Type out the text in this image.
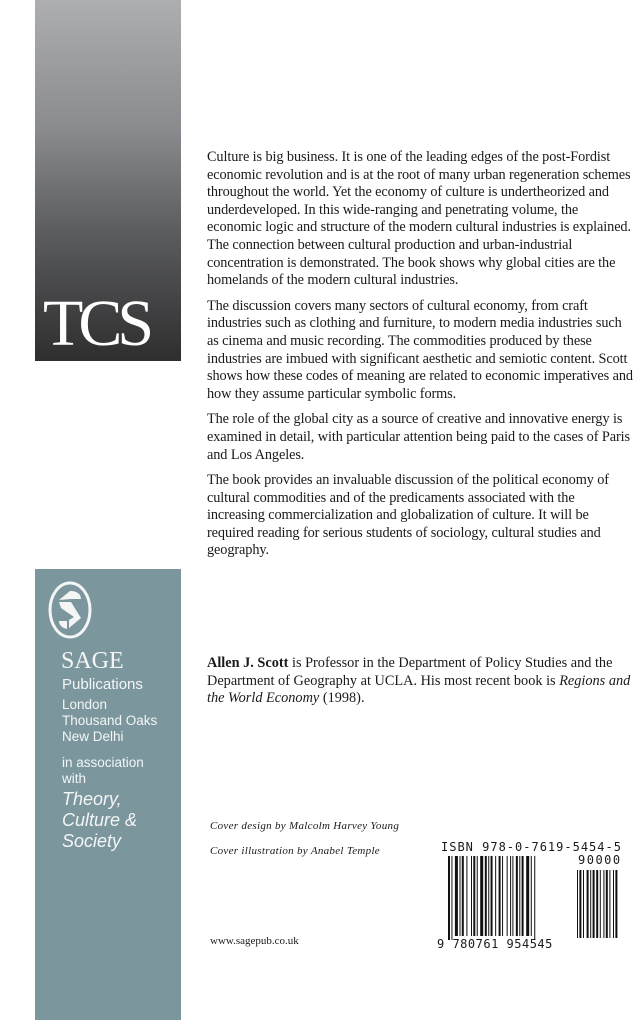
TCS
SAGE
Publications
London
Thousand Oaks
New Delhi
in association
with
Theory,
Culture &
Society

Culture is big business. It is one of the leading edges of the post-Fordist economic revolution and is at the root of many urban regeneration schemes throughout the world. Yet the economy of culture is undertheorized and underdeveloped. In this wide-ranging and penetrating volume, the economic logic and structure of the modern cultural industries is explained. The connection between cultural production and urban-industrial concentration is demonstrated. The book shows why global cities are the homelands of the modern cultural industries.

The discussion covers many sectors of cultural economy, from craft industries such as clothing and furniture, to modern media industries such as cinema and music recording. The commodities produced by these industries are imbued with significant aesthetic and semiotic content. Scott shows how these codes of meaning are related to economic imperatives and how they assume particular symbolic forms.

The role of the global city as a source of creative and innovative energy is examined in detail, with particular attention being paid to the cases of Paris and Los Angeles.

The book provides an invaluable discussion of the political economy of cultural commodities and of the predicaments associated with the increasing commercialization and globalization of culture. It will be required reading for serious students of sociology, cultural studies and geography.

Allen J. Scott is Professor in the Department of Policy Studies and the Department of Geography at UCLA. His most recent book is Regions and the World Economy (1998).

Cover design by Malcolm Harvey Young
Cover illustration by Anabel Temple
www.sagepub.co.uk
ISBN 978-0-7619-5454-5
90000
9 780761 954545
